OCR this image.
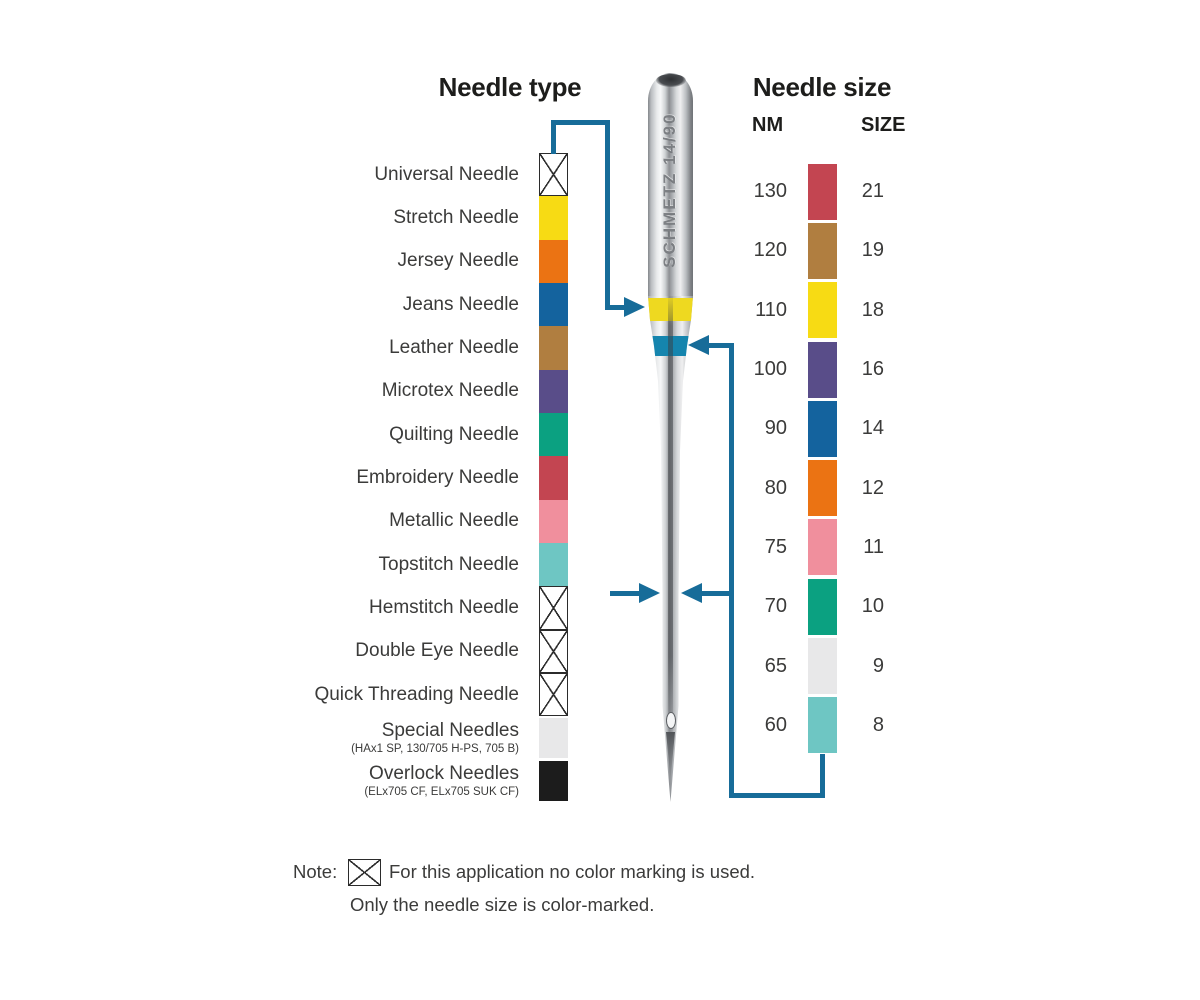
Needle type	Needle size
NM	SIZE
Universal Needle
Stretch Needle
Jersey Needle
Jeans Needle
Leather Needle
Microtex Needle
Quilting Needle
Embroidery Needle
Metallic Needle
Topstitch Needle
Hemstitch Needle
Double Eye Needle
Quick Threading Needle
Special Needles
(HAx1 SP, 130/705 H-PS, 705 B)
Overlock Needles
(ELx705 CF, ELx705 SUK CF)
SCHMETZ 14/90	130	21
120	19
110	18
100	16
90	14
80	12
75	11
70	10
65	9
60	8
Note:	For this application no color marking is used.
Only the needle size is color-marked.
